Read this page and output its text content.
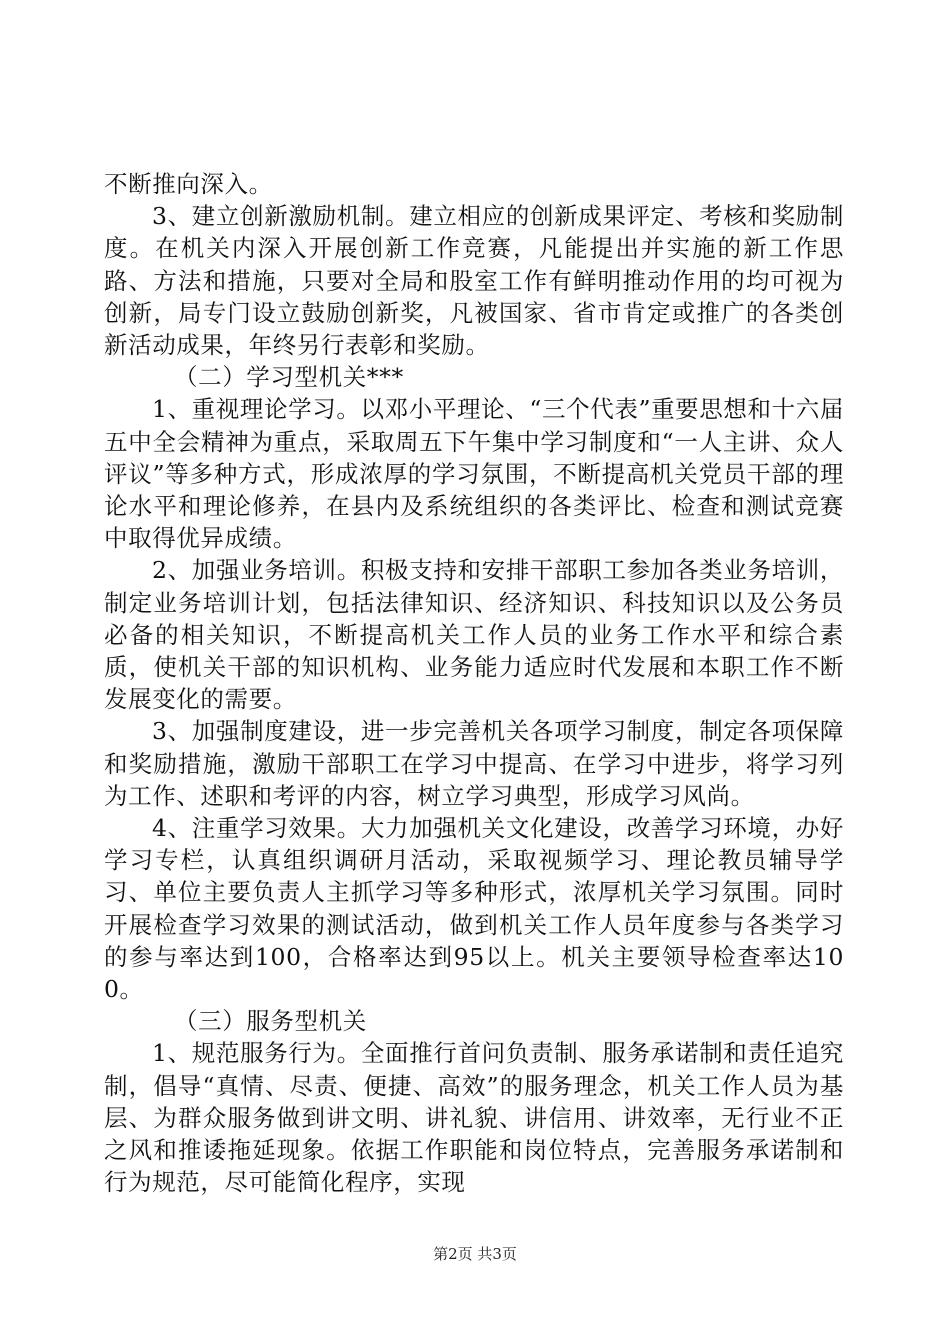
不断推向深入。

3、建立创新激励机制。建立相应的创新成果评定、考核和奖励制度。在机关内深入开展创新工作竞赛，凡能提出并实施的新工作思路、方法和措施，只要对全局和股室工作有鲜明推动作用的均可视为创新，局专门设立鼓励创新奖，凡被国家、省市肯定或推广的各类创新活动成果，年终另行表彰和奖励。

（二）学习型机关***

1、重视理论学习。以邓小平理论、“三个代表”重要思想和十六届五中全会精神为重点，采取周五下午集中学习制度和“一人主讲、众人评议”等多种方式，形成浓厚的学习氛围，不断提高机关党员干部的理论水平和理论修养，在县内及系统组织的各类评比、检查和测试竞赛中取得优异成绩。

2、加强业务培训。积极支持和安排干部职工参加各类业务培训，制定业务培训计划，包括法律知识、经济知识、科技知识以及公务员必备的相关知识，不断提高机关工作人员的业务工作水平和综合素质，使机关干部的知识机构、业务能力适应时代发展和本职工作不断发展变化的需要。

3、加强制度建设，进一步完善机关各项学习制度，制定各项保障和奖励措施，激励干部职工在学习中提高、在学习中进步，将学习列为工作、述职和考评的内容，树立学习典型，形成学习风尚。

4、注重学习效果。大力加强机关文化建设，改善学习环境，办好学习专栏，认真组织调研月活动，采取视频学习、理论教员辅导学习、单位主要负责人主抓学习等多种形式，浓厚机关学习氛围。同时开展检查学习效果的测试活动，做到机关工作人员年度参与各类学习的参与率达到100，合格率达到95以上。机关主要领导检查率达100。

（三）服务型机关

1、规范服务行为。全面推行首问负责制、服务承诺制和责任追究制，倡导“真情、尽责、便捷、高效”的服务理念，机关工作人员为基层、为群众服务做到讲文明、讲礼貌、讲信用、讲效率，无行业不正之风和推诿拖延现象。依据工作职能和岗位特点，完善服务承诺制和行为规范，尽可能简化程序，实现

第2页 共3页
